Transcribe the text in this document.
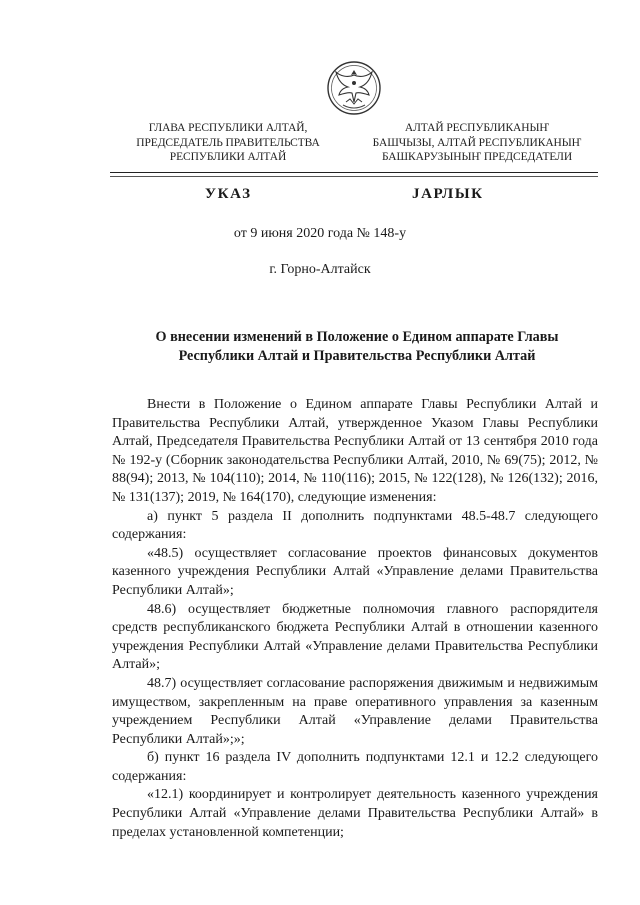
ГЛАВА РЕСПУБЛИКИ АЛТАЙ,
ПРЕДСЕДАТЕЛЬ ПРАВИТЕЛЬСТВА
РЕСПУБЛИКИ АЛТАЙ
АЛТАЙ РЕСПУБЛИКАНЫҤ
БАШЧЫЗЫ, АЛТАЙ РЕСПУБЛИКАНЫҤ
БАШКАРУЗЫНЫҤ ПРЕДСЕДАТЕЛИ
УКАЗ	JАРЛЫК
от 9 июня 2020 года № 148-у
г. Горно-Алтайск
О внесении изменений в Положение о Едином аппарате Главы
Республики Алтай и Правительства Республики Алтай

Внести в Положение о Едином аппарате Главы Республики Алтай и Правительства Республики Алтай, утвержденное Указом Главы Республики Алтай, Председателя Правительства Республики Алтай от 13 сентября 2010 года № 192-у (Сборник законодательства Республики Алтай, 2010, № 69(75); 2012, № 88(94); 2013, № 104(110); 2014, № 110(116); 2015, № 122(128), № 126(132); 2016, № 131(137); 2019, № 164(170), следующие изменения:

а) пункт 5 раздела II дополнить подпунктами 48.5-48.7 следующего содержания:

«48.5) осуществляет согласование проектов финансовых документов казенного учреждения Республики Алтай «Управление делами Правительства Республики Алтай»;

48.6) осуществляет бюджетные полномочия главного распорядителя средств республиканского бюджета Республики Алтай в отношении казенного учреждения Республики Алтай «Управление делами Правительства Республики Алтай»;

48.7) осуществляет согласование распоряжения движимым и недвижимым имуществом, закрепленным на праве оперативного управления за казенным учреждением Республики Алтай «Управление делами Правительства Республики Алтай»;»;

б) пункт 16 раздела IV дополнить подпунктами 12.1 и 12.2 следующего содержания:

«12.1) координирует и контролирует деятельность казенного учреждения Республики Алтай «Управление делами Правительства Республики Алтай» в пределах установленной компетенции;
